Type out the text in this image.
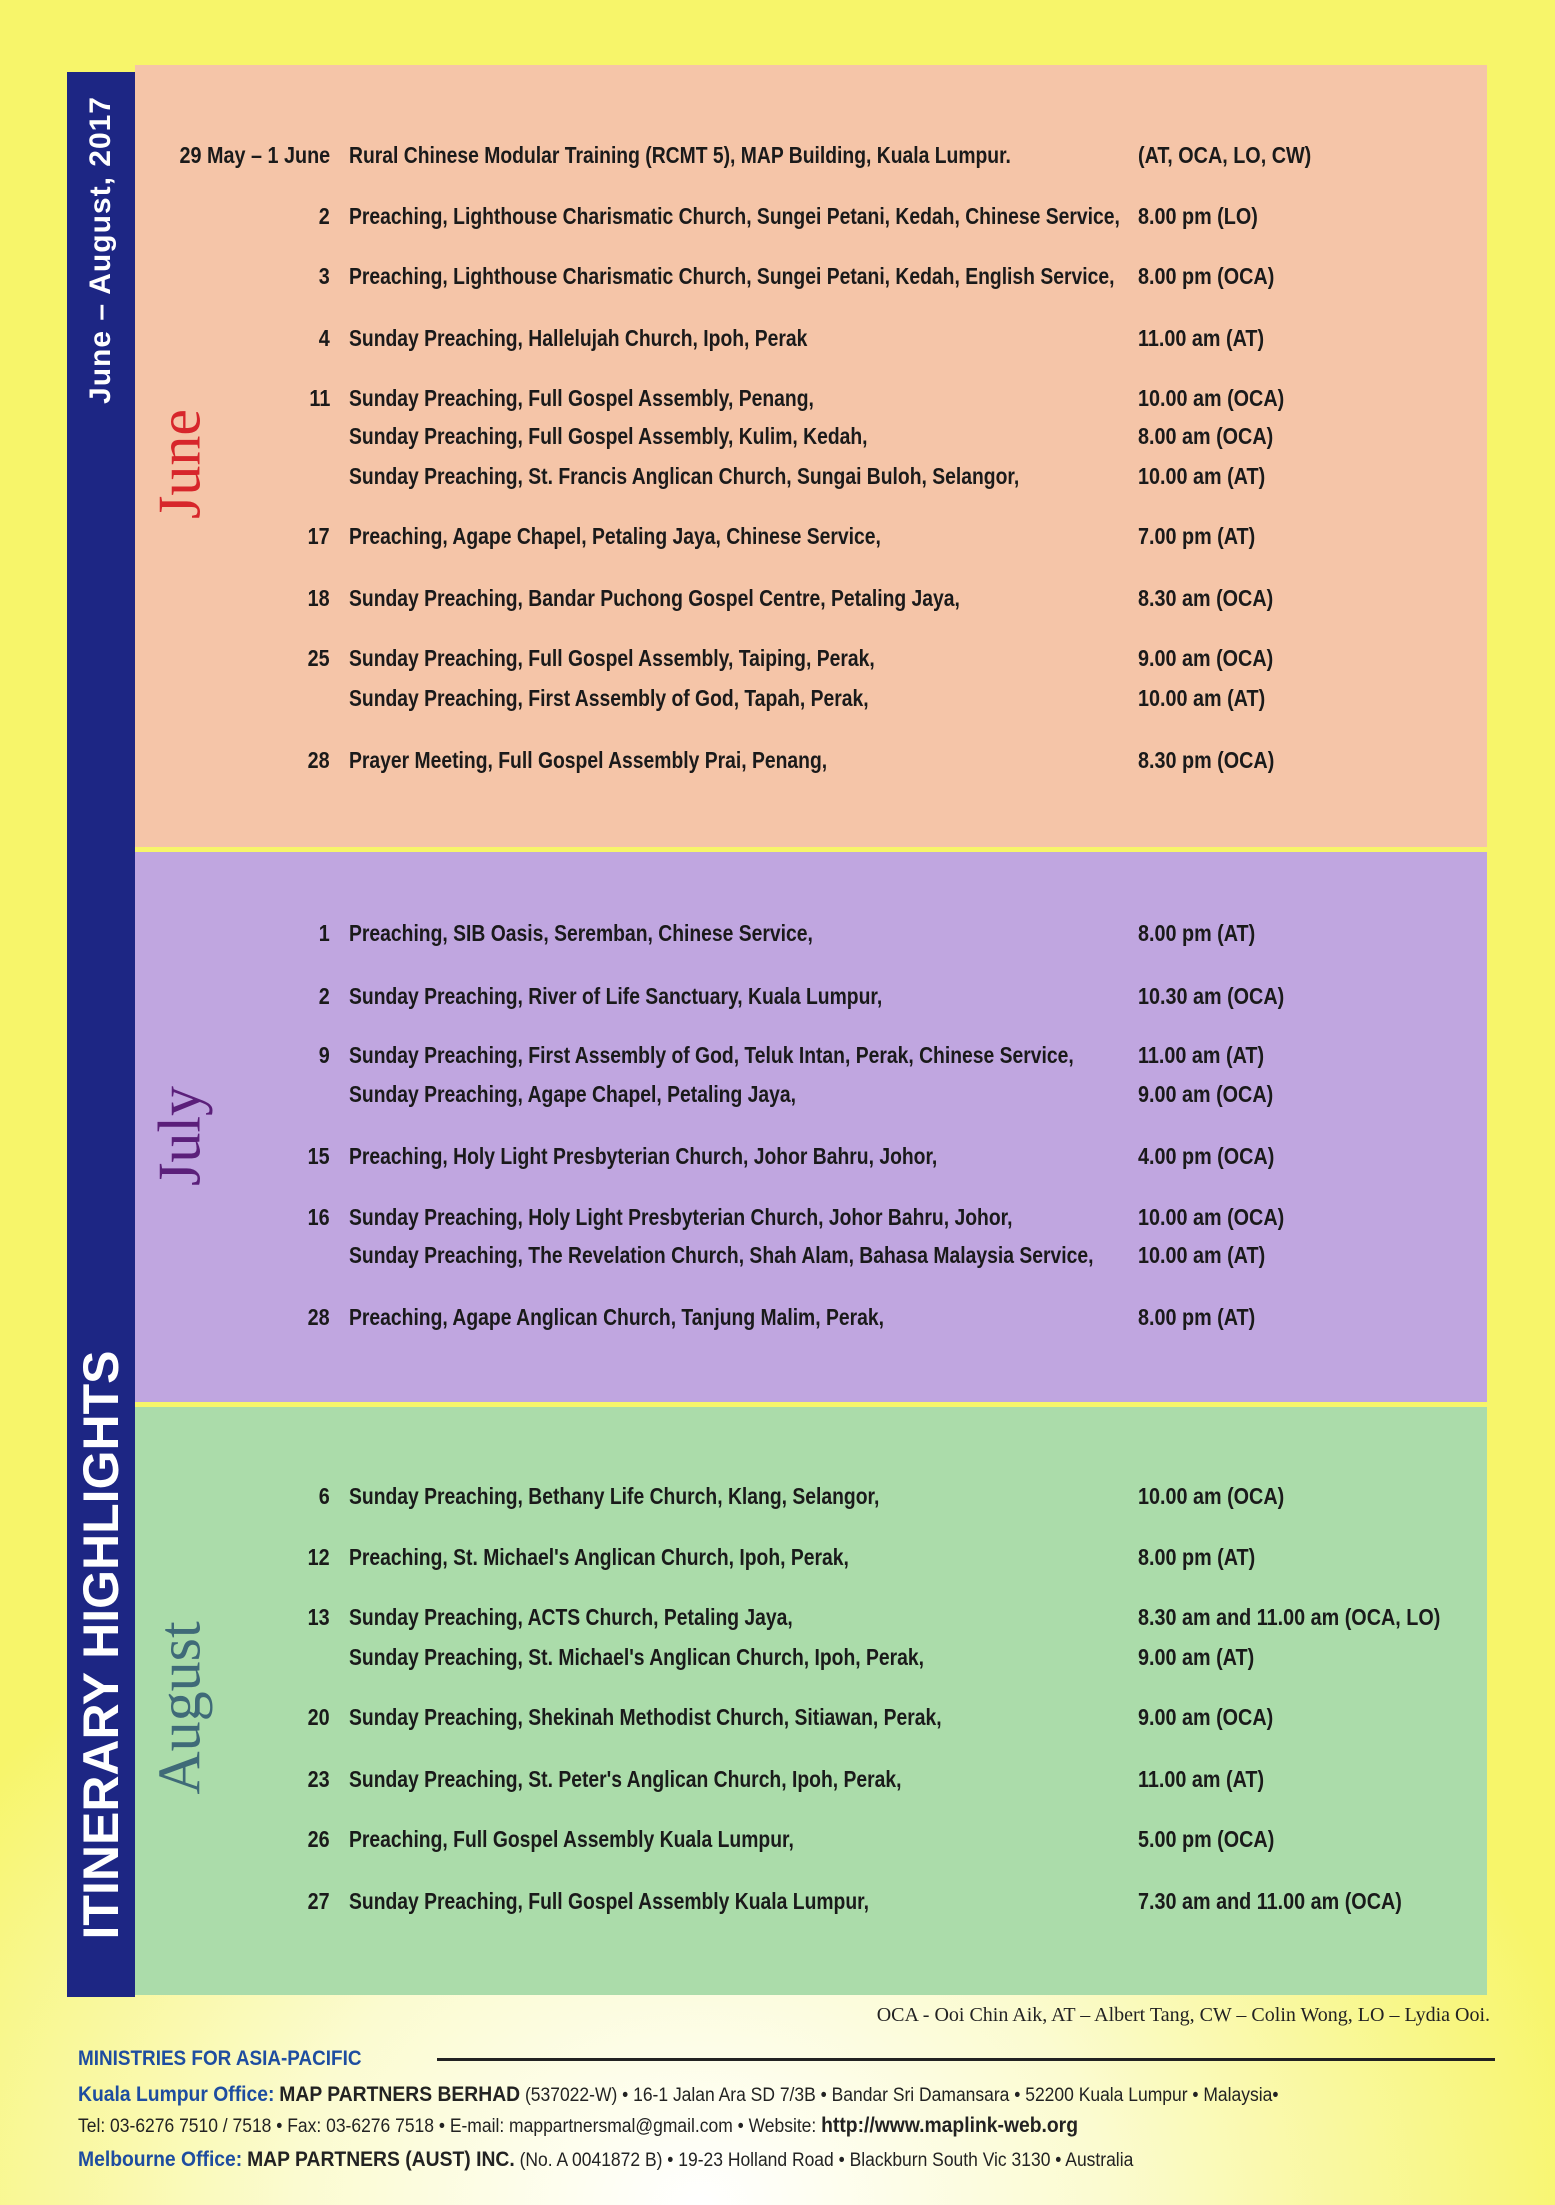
June – August, 2017
ITINERARY HIGHLIGHTS
June
July
August
29 May – 1 June Rural Chinese Modular Training (RCMT 5), MAP Building, Kuala Lumpur.	(AT, OCA, LO, CW)
2 Preaching, Lighthouse Charismatic Church, Sungei Petani, Kedah, Chinese Service, 8.00 pm (LO)
3 Preaching, Lighthouse Charismatic Church, Sungei Petani, Kedah, English Service, 8.00 pm (OCA)
4 Sunday Preaching, Hallelujah Church, Ipoh, Perak	11.00 am (AT)
11 Sunday Preaching, Full Gospel Assembly, Penang,	10.00 am (OCA)
Sunday Preaching, Full Gospel Assembly, Kulim, Kedah,	8.00 am (OCA)
Sunday Preaching, St. Francis Anglican Church, Sungai Buloh, Selangor,	10.00 am (AT)
17 Preaching, Agape Chapel, Petaling Jaya, Chinese Service,	7.00 pm (AT)
18 Sunday Preaching, Bandar Puchong Gospel Centre, Petaling Jaya,	8.30 am (OCA)
25 Sunday Preaching, Full Gospel Assembly, Taiping, Perak,	9.00 am (OCA)
Sunday Preaching, First Assembly of God, Tapah, Perak,	10.00 am (AT)
28 Prayer Meeting, Full Gospel Assembly Prai, Penang,	8.30 pm (OCA)
1 Preaching, SIB Oasis, Seremban, Chinese Service,	8.00 pm (AT)
2 Sunday Preaching, River of Life Sanctuary, Kuala Lumpur,	10.30 am (OCA)
9 Sunday Preaching, First Assembly of God, Teluk Intan, Perak, Chinese Service,	11.00 am (AT)
Sunday Preaching, Agape Chapel, Petaling Jaya,	9.00 am (OCA)
15 Preaching, Holy Light Presbyterian Church, Johor Bahru, Johor,	4.00 pm (OCA)
16 Sunday Preaching, Holy Light Presbyterian Church, Johor Bahru, Johor,	10.00 am (OCA)
Sunday Preaching, The Revelation Church, Shah Alam, Bahasa Malaysia Service, 10.00 am (AT)
28 Preaching, Agape Anglican Church, Tanjung Malim, Perak,	8.00 pm (AT)
6 Sunday Preaching, Bethany Life Church, Klang, Selangor,	10.00 am (OCA)
12 Preaching, St. Michael's Anglican Church, Ipoh, Perak,	8.00 pm (AT)
13 Sunday Preaching, ACTS Church, Petaling Jaya,	8.30 am and 11.00 am (OCA, LO)
Sunday Preaching, St. Michael's Anglican Church, Ipoh, Perak,	9.00 am (AT)
20 Sunday Preaching, Shekinah Methodist Church, Sitiawan, Perak,	9.00 am (OCA)
23 Sunday Preaching, St. Peter's Anglican Church, Ipoh, Perak,	11.00 am (AT)
26 Preaching, Full Gospel Assembly Kuala Lumpur,	5.00 pm (OCA)
27 Sunday Preaching, Full Gospel Assembly Kuala Lumpur,	7.30 am and 11.00 am (OCA)
OCA - Ooi Chin Aik, AT – Albert Tang, CW – Colin Wong, LO – Lydia Ooi.
MINISTRIES FOR ASIA-PACIFIC
Kuala Lumpur Office: MAP PARTNERS BERHAD (537022-W) • 16-1 Jalan Ara SD 7/3B • Bandar Sri Damansara • 52200 Kuala Lumpur • Malaysia•
Tel: 03-6276 7510 / 7518 • Fax: 03-6276 7518 • E-mail: mappartnersmal@gmail.com • Website: http://www.maplink-web.org
Melbourne Office: MAP PARTNERS (AUST) INC. (No. A 0041872 B) • 19-23 Holland Road • Blackburn South Vic 3130 • Australia
